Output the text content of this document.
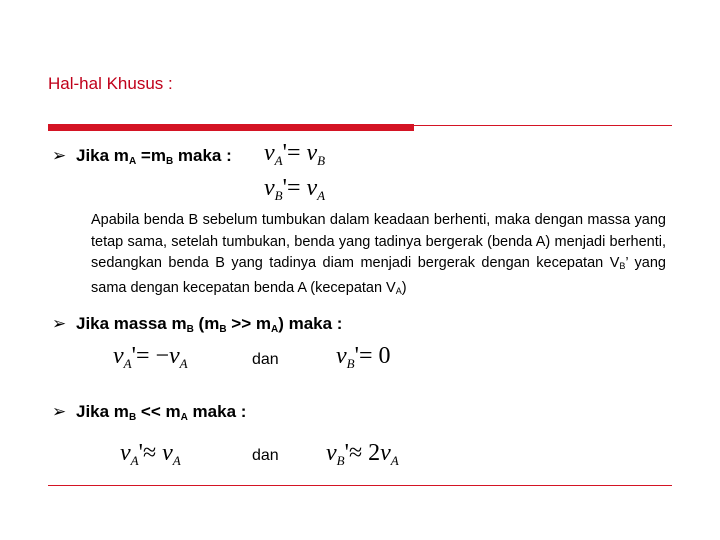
Hal-hal Khusus :
➢ Jika $m_A =m_B$ maka : $v_A'= v_B$
$v_B'= v_A$
Apabila benda B sebelum tumbukan dalam keadaan berhenti, maka dengan massa yang tetap sama, setelah tumbukan, benda yang tadinya bergerak (benda A) menjadi berhenti, sedangkan benda B yang tadinya diam menjadi bergerak dengan kecepatan $V_B$’ yang sama dengan kecepatan benda A (kecepatan $V_A$)
➢ Jika massa $m_B$ $(m_B >> m_A)$ maka :
$v_A'= -v_A$	dan $v_B'= 0$
➢ Jika $m_B << m_A$ maka :
$v_A'\approx v_A$	dan $v_B'\approx 2v_A$
